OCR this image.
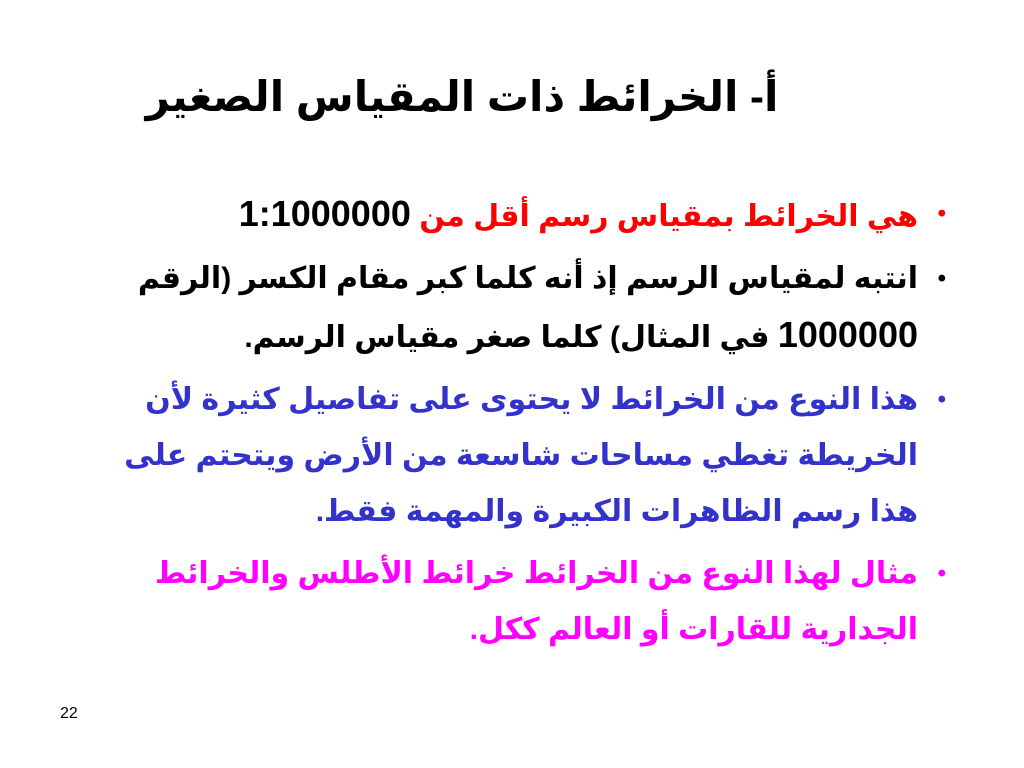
أ- الخرائط ذات المقياس الصغير
•
هي الخرائط بمقياس رسم أقل من 1:1000000
•
انتبه لمقياس الرسم إذ أنه كلما كبر مقام الكسر (الرقم 1000000 في المثال) كلما صغر مقياس الرسم.
•
هذا النوع من الخرائط لا يحتوى على تفاصيل كثيرة لأن الخريطة تغطي مساحات شاسعة من الأرض ويتحتم على هذا رسم الظاهرات الكبيرة والمهمة فقط.
•
مثال لهذا النوع من الخرائط خرائط الأطلس والخرائط الجدارية للقارات أو العالم ككل.
22
